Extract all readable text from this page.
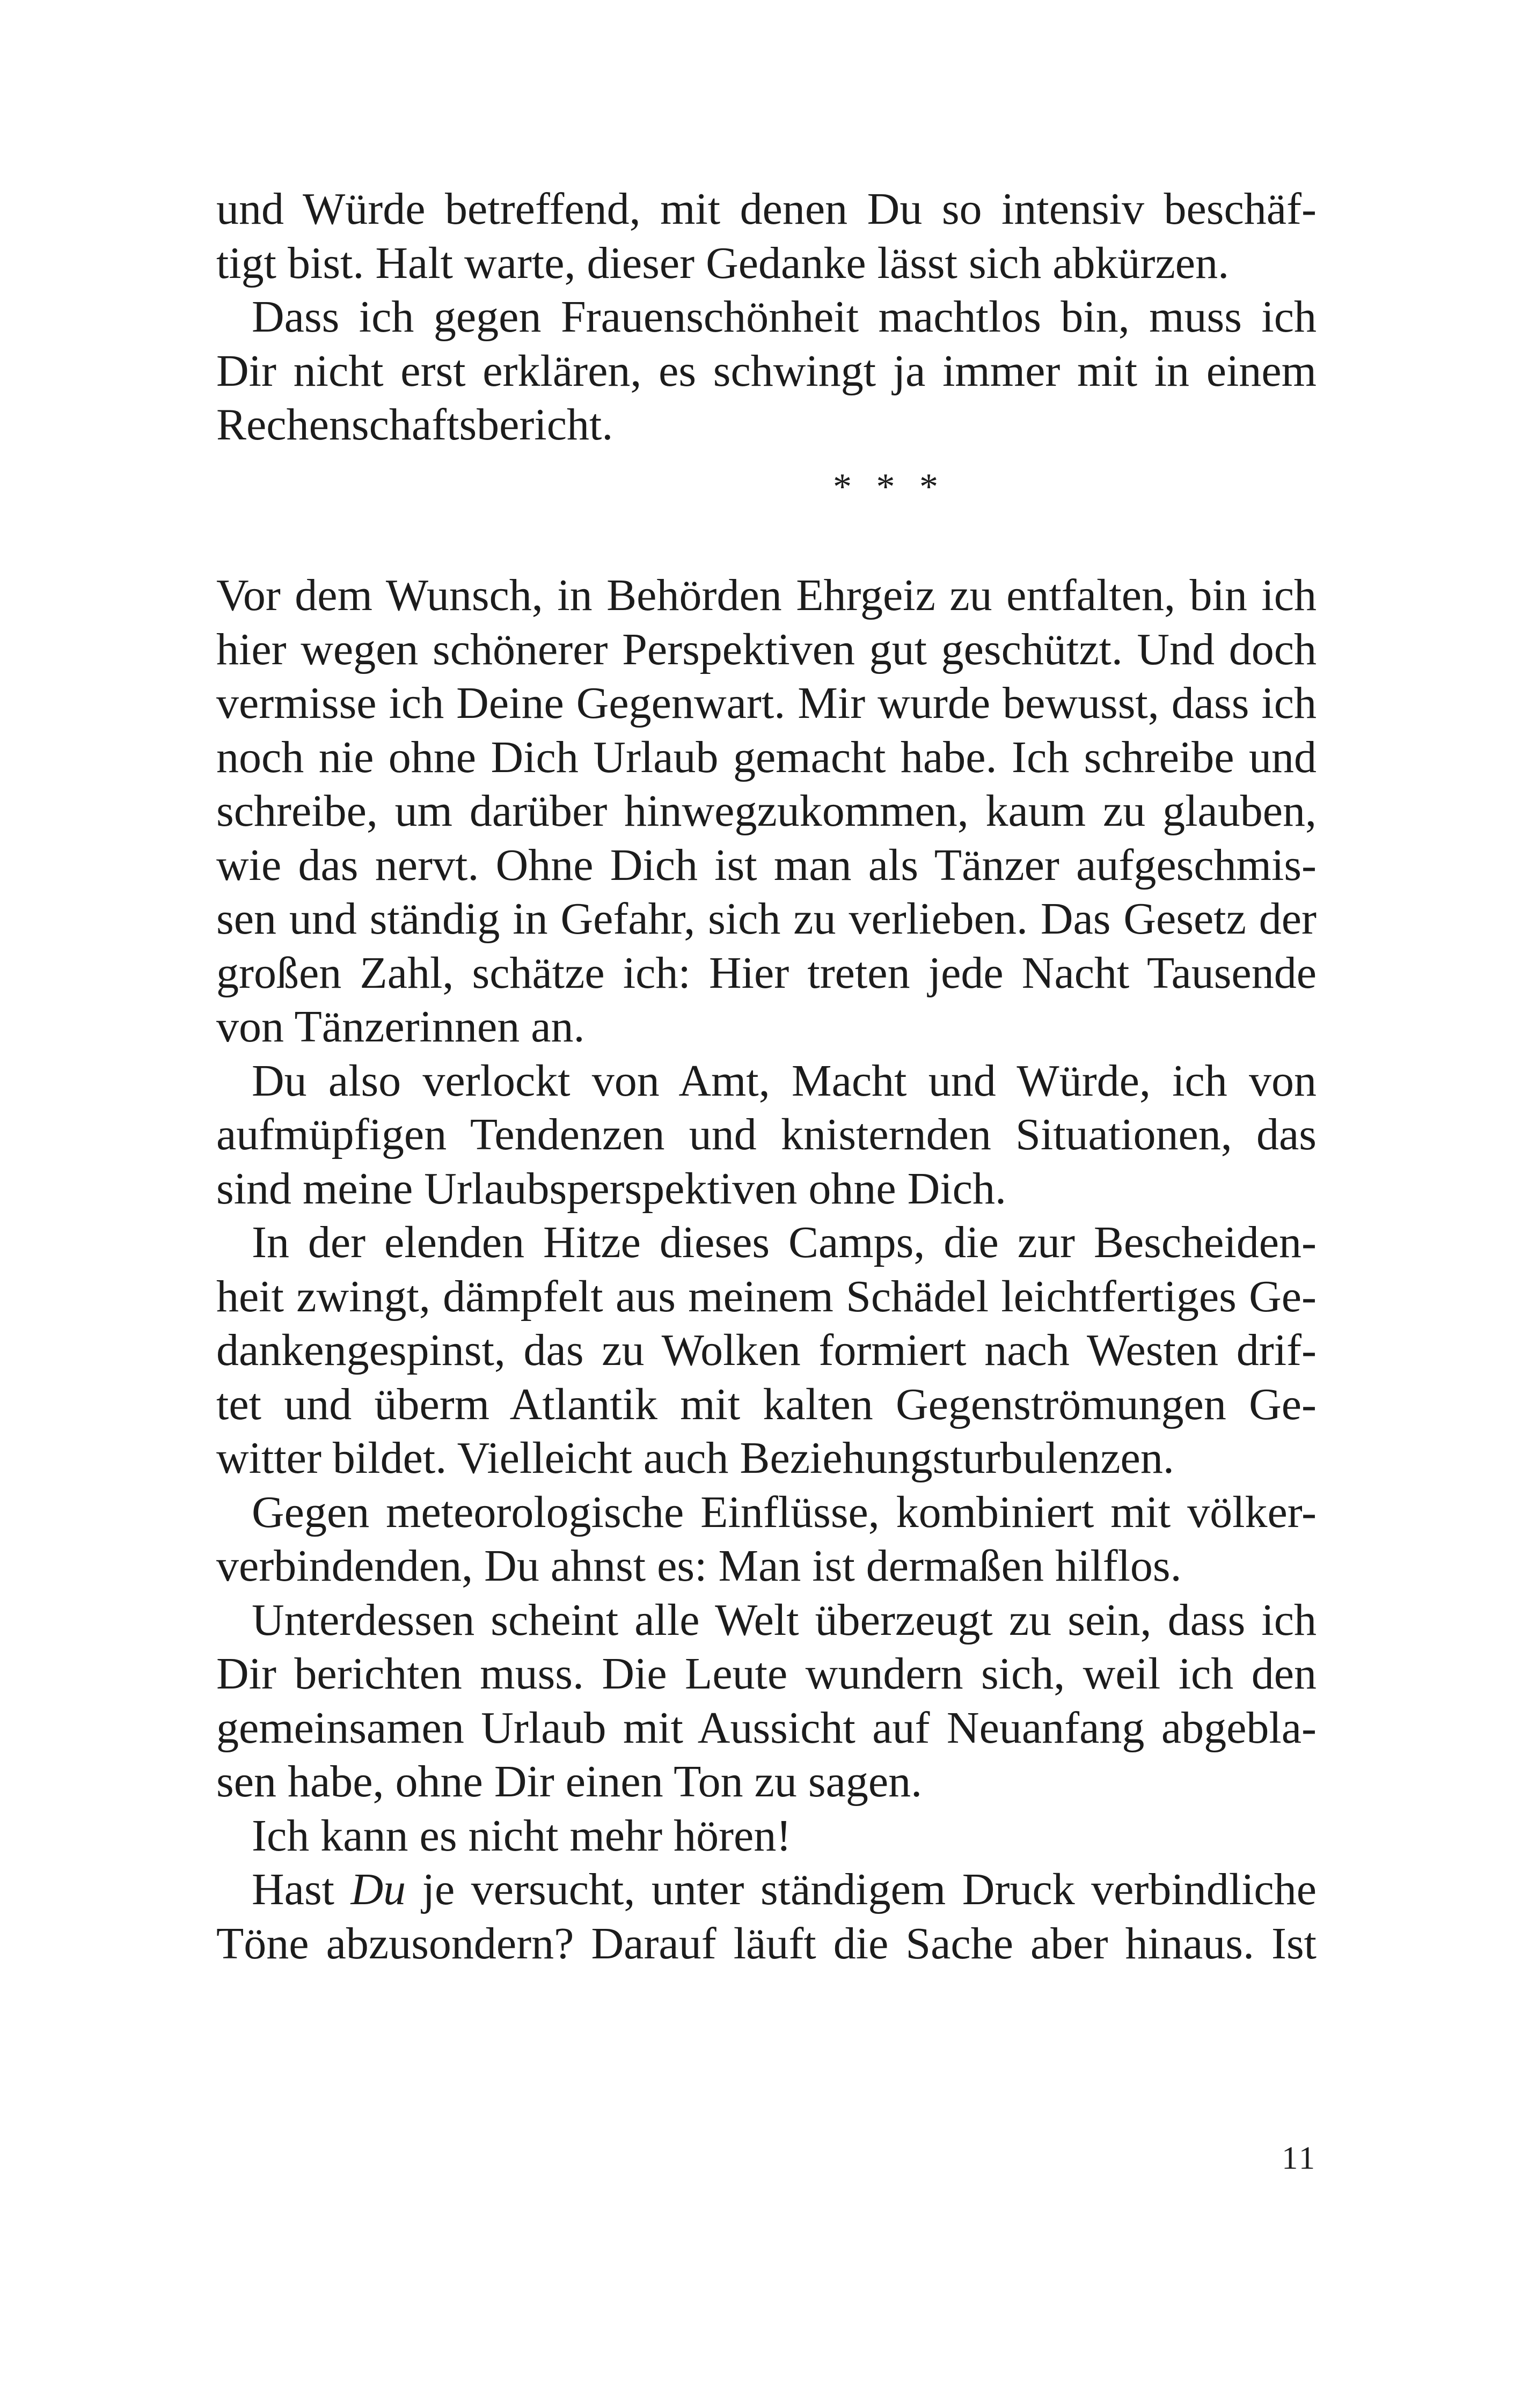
und Würde betreffend, mit denen Du so intensiv beschäf-
tigt bist. Halt warte, dieser Gedanke lässt sich abkürzen.
Dass ich gegen Frauenschönheit machtlos bin, muss ich
Dir nicht erst erklären, es schwingt ja immer mit in einem
Rechenschaftsbericht.
* * *
Vor dem Wunsch, in Behörden Ehrgeiz zu entfalten, bin ich
hier wegen schönerer Perspektiven gut geschützt. Und doch
vermisse ich Deine Gegenwart. Mir wurde bewusst, dass ich
noch nie ohne Dich Urlaub gemacht habe. Ich schreibe und
schreibe, um darüber hinwegzukommen, kaum zu glauben,
wie das nervt. Ohne Dich ist man als Tänzer aufgeschmis-
sen und ständig in Gefahr, sich zu verlieben. Das Gesetz der
großen Zahl, schätze ich: Hier treten jede Nacht Tausende
von Tänzerinnen an.
Du also verlockt von Amt, Macht und Würde, ich von
aufmüpfigen Tendenzen und knisternden Situationen, das
sind meine Urlaubsperspektiven ohne Dich.
In der elenden Hitze dieses Camps, die zur Bescheiden-
heit zwingt, dämpfelt aus meinem Schädel leichtfertiges Ge-
dankengespinst, das zu Wolken formiert nach Westen drif-
tet und überm Atlantik mit kalten Gegenströmungen Ge-
witter bildet. Vielleicht auch Beziehungsturbulenzen.
Gegen meteorologische Einflüsse, kombiniert mit völker-
verbindenden, Du ahnst es: Man ist dermaßen hilflos.
Unterdessen scheint alle Welt überzeugt zu sein, dass ich
Dir berichten muss. Die Leute wundern sich, weil ich den
gemeinsamen Urlaub mit Aussicht auf Neuanfang abgebla-
sen habe, ohne Dir einen Ton zu sagen.
Ich kann es nicht mehr hören!
Hast Du je versucht, unter ständigem Druck verbindliche
Töne abzusondern? Darauf läuft die Sache aber hinaus. Ist
11
